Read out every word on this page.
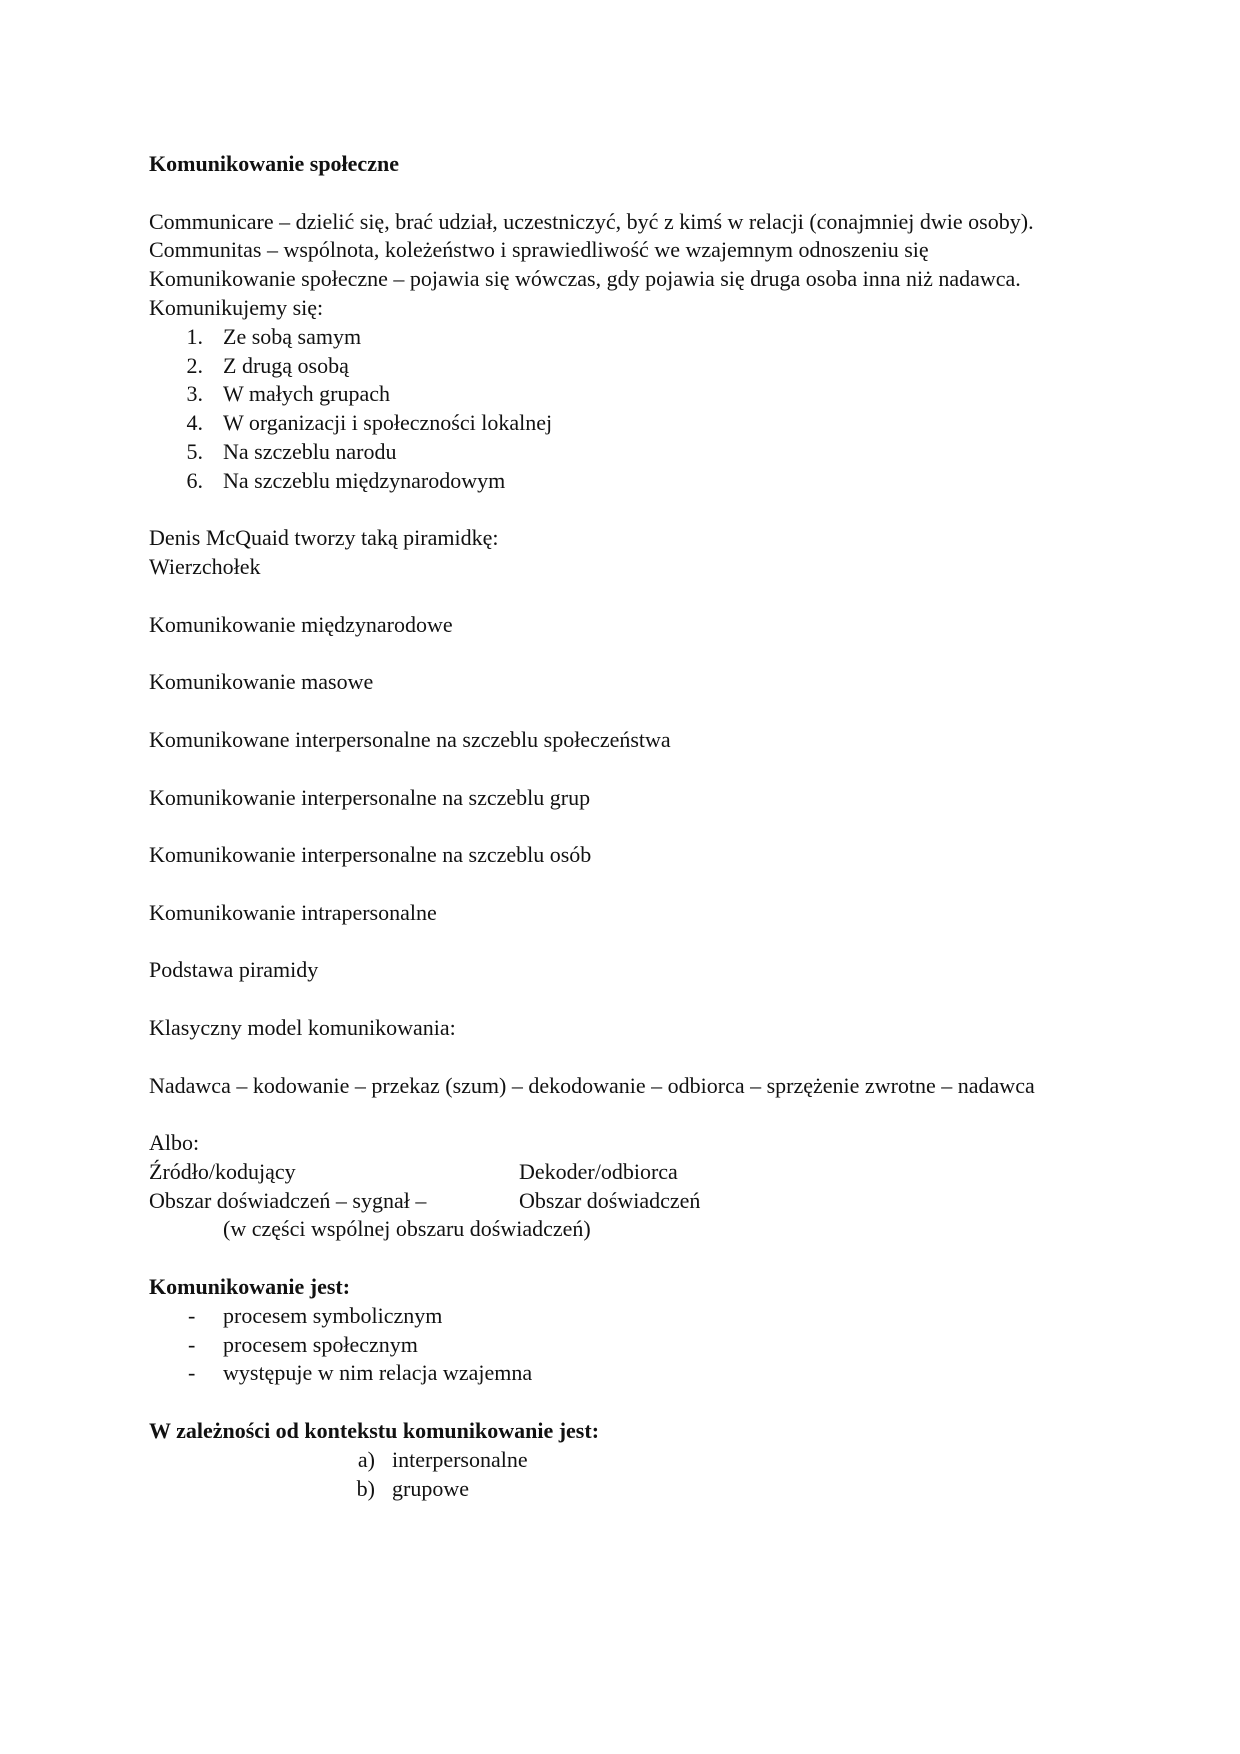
Komunikowanie społeczne
Communicare – dzielić się, brać udział, uczestniczyć, być z kimś w relacji (conajmniej dwie osoby).
Communitas – wspólnota, koleżeństwo i sprawiedliwość we wzajemnym odnoszeniu się
Komunikowanie społeczne – pojawia się wówczas, gdy pojawia się druga osoba inna niż nadawca.
Komunikujemy się:
1. Ze sobą samym
2. Z drugą osobą
3. W małych grupach
4. W organizacji i społeczności lokalnej
5. Na szczeblu narodu
6. Na szczeblu międzynarodowym
Denis McQuaid tworzy taką piramidkę:
Wierzchołek
Komunikowanie międzynarodowe
Komunikowanie masowe
Komunikowane interpersonalne na szczeblu społeczeństwa
Komunikowanie interpersonalne na szczeblu grup
Komunikowanie interpersonalne na szczeblu osób
Komunikowanie intrapersonalne
Podstawa piramidy
Klasyczny model komunikowania:
Nadawca – kodowanie – przekaz (szum) – dekodowanie – odbiorca – sprzężenie zwrotne – nadawca
Albo:
Źródło/kodujący	Dekoder/odbiorca
Obszar doświadczeń – sygnał –	Obszar doświadczeń
(w części wspólnej obszaru doświadczeń)
Komunikowanie jest:
- procesem symbolicznym
- procesem społecznym
- występuje w nim relacja wzajemna
W zależności od kontekstu komunikowanie jest:
a) interpersonalne
b) grupowe
